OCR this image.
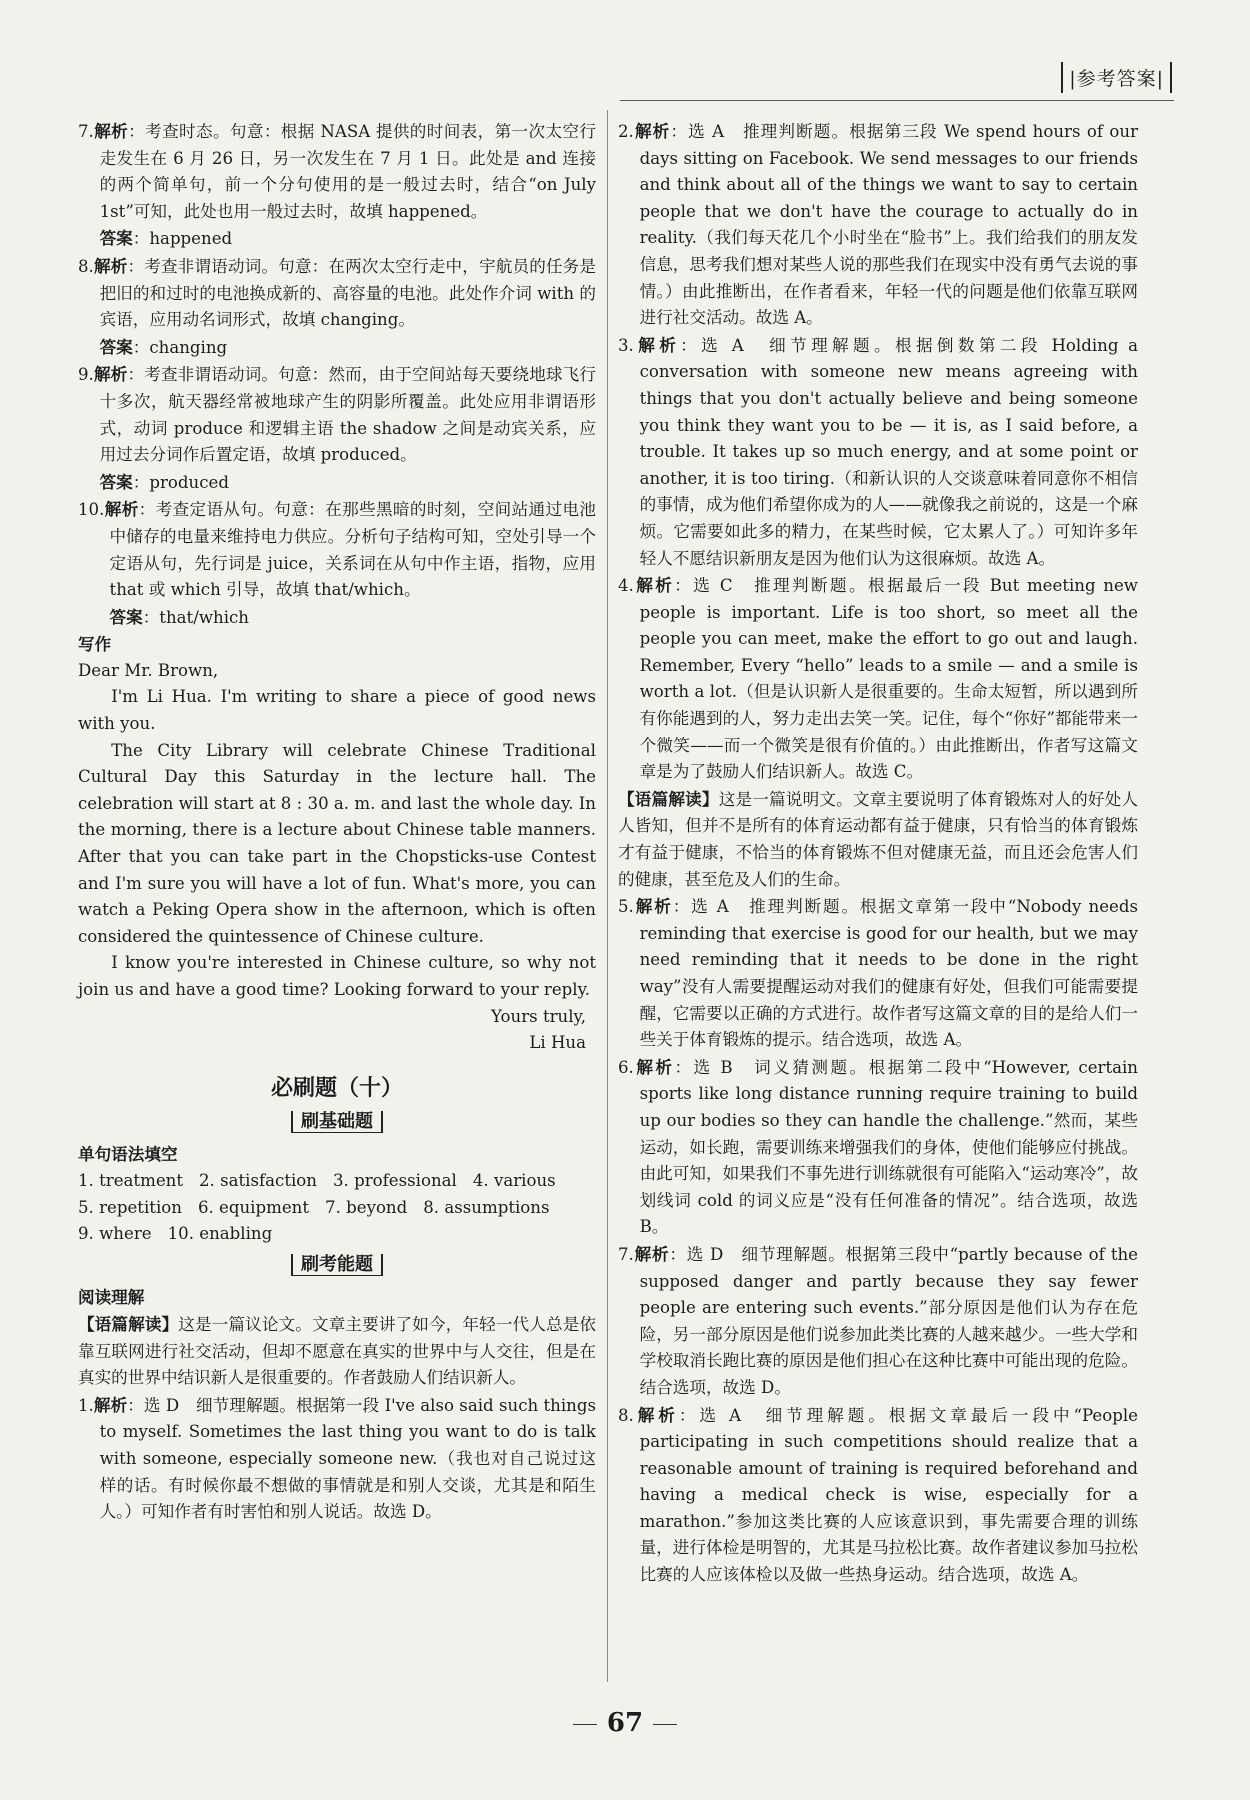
|参考答案|

7.解析：考查时态。句意：根据 NASA 提供的时间表，第一次太空行走发生在 6 月 26 日，另一次发生在 7 月 1 日。此处是 and 连接的两个简单句，前一个分句使用的是一般过去时，结合“on July 1st”可知，此处也用一般过去时，故填 happened。

答案：happened

8.解析：考查非谓语动词。句意：在两次太空行走中，宇航员的任务是把旧的和过时的电池换成新的、高容量的电池。此处作介词 with 的宾语，应用动名词形式，故填 changing。

答案：changing

9.解析：考查非谓语动词。句意：然而，由于空间站每天要绕地球飞行十多次，航天器经常被地球产生的阴影所覆盖。此处应用非谓语形式，动词 produce 和逻辑主语 the shadow 之间是动宾关系，应用过去分词作后置定语，故填 produced。

答案：produced

10.解析：考查定语从句。句意：在那些黑暗的时刻，空间站通过电池中储存的电量来维持电力供应。分析句子结构可知，空处引导一个定语从句，先行词是 juice，关系词在从句中作主语，指物，应用 that 或 which 引导，故填 that/which。

答案：that/which

写作

Dear Mr. Brown,

I'm Li Hua. I'm writing to share a piece of good news with you.

The City Library will celebrate Chinese Traditional Cultural Day this Saturday in the lecture hall. The celebration will start at 8 : 30 a. m. and last the whole day. In the morning, there is a lecture about Chinese table manners. After that you can take part in the Chopsticks-use Contest and I'm sure you will have a lot of fun. What's more, you can watch a Peking Opera show in the afternoon, which is often considered the quintessence of Chinese culture.

I know you're interested in Chinese culture, so why not join us and have a good time? Looking forward to your reply.

Yours truly,

Li Hua

必刷题（十）
刷基础题

单句语法填空

1. treatment 2. satisfaction 3. professional 4. various

5. repetition 6. equipment 7. beyond 8. assumptions

9. where 10. enabling

刷考能题

阅读理解

【语篇解读】这是一篇议论文。文章主要讲了如今，年轻一代人总是依靠互联网进行社交活动，但却不愿意在真实的世界中与人交往，但是在真实的世界中结识新人是很重要的。作者鼓励人们结识新人。

1.解析：选 D　细节理解题。根据第一段 I've also said such things to myself. Sometimes the last thing you want to do is talk with someone, especially someone new.（我也对自己说过这样的话。有时候你最不想做的事情就是和别人交谈，尤其是和陌生人。）可知作者有时害怕和别人说话。故选 D。

2.解析：选 A　推理判断题。根据第三段 We spend hours of our days sitting on Facebook. We send messages to our friends and think about all of the things we want to say to certain people that we don't have the courage to actually do in reality.（我们每天花几个小时坐在“脸书”上。我们给我们的朋友发信息，思考我们想对某些人说的那些我们在现实中没有勇气去说的事情。）由此推断出，在作者看来，年轻一代的问题是他们依靠互联网进行社交活动。故选 A。

3.解析：选 A　细节理解题。根据倒数第二段 Holding a conversation with someone new means agreeing with things that you don't actually believe and being someone you think they want you to be — it is, as I said before, a trouble. It takes up so much energy, and at some point or another, it is too tiring.（和新认识的人交谈意味着同意你不相信的事情，成为他们希望你成为的人——就像我之前说的，这是一个麻烦。它需要如此多的精力，在某些时候，它太累人了。）可知许多年轻人不愿结识新朋友是因为他们认为这很麻烦。故选 A。

4.解析：选 C　推理判断题。根据最后一段 But meeting new people is important. Life is too short, so meet all the people you can meet, make the effort to go out and laugh. Remember, Every “hello” leads to a smile — and a smile is worth a lot.（但是认识新人是很重要的。生命太短暂，所以遇到所有你能遇到的人，努力走出去笑一笑。记住，每个“你好”都能带来一个微笑——而一个微笑是很有价值的。）由此推断出，作者写这篇文章是为了鼓励人们结识新人。故选 C。

【语篇解读】这是一篇说明文。文章主要说明了体育锻炼对人的好处人人皆知，但并不是所有的体育运动都有益于健康，只有恰当的体育锻炼才有益于健康，不恰当的体育锻炼不但对健康无益，而且还会危害人们的健康，甚至危及人们的生命。

5.解析：选 A　推理判断题。根据文章第一段中“Nobody needs reminding that exercise is good for our health, but we may need reminding that it needs to be done in the right way”没有人需要提醒运动对我们的健康有好处，但我们可能需要提醒，它需要以正确的方式进行。故作者写这篇文章的目的是给人们一些关于体育锻炼的提示。结合选项，故选 A。

6.解析：选 B　词义猜测题。根据第二段中“However, certain sports like long distance running require training to build up our bodies so they can handle the challenge.”然而，某些运动，如长跑，需要训练来增强我们的身体，使他们能够应付挑战。由此可知，如果我们不事先进行训练就很有可能陷入“运动寒冷”，故划线词 cold 的词义应是“没有任何准备的情况”。结合选项，故选 B。

7.解析：选 D　细节理解题。根据第三段中“partly because of the supposed danger and partly because they say fewer people are entering such events.”部分原因是他们认为存在危险，另一部分原因是他们说参加此类比赛的人越来越少。一些大学和学校取消长跑比赛的原因是他们担心在这种比赛中可能出现的危险。结合选项，故选 D。

8.解析：选 A　细节理解题。根据文章最后一段中“People participating in such competitions should realize that a reasonable amount of training is required beforehand and having a medical check is wise, especially for a marathon.”参加这类比赛的人应该意识到，事先需要合理的训练量，进行体检是明智的，尤其是马拉松比赛。故作者建议参加马拉松比赛的人应该体检以及做一些热身运动。结合选项，故选 A。

67
